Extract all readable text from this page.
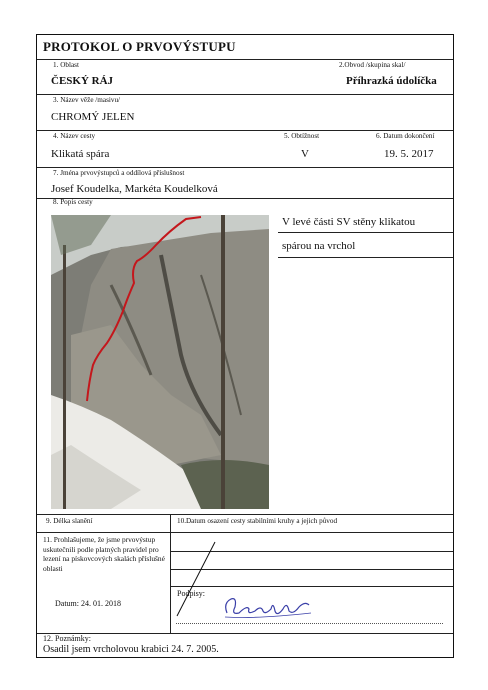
PROTOKOL O PRVOVÝSTUPU
1. Oblast	2.Obvod /skupina skal/
ČESKÝ RÁJ	Příhrazká údolíčka
3. Název věže /masivu/
CHROMÝ JELEN
4. Název cesty	5. Obtížnost	6. Datum dokončení
Klikatá spára	V	19. 5. 2017
7. Jména prvovýstupců a oddílová příslušnost
Josef Koudelka, Markéta Koudelková
8. Popis cesty
V levé části SV stěny klikatou
spárou na vrchol
9. Délka slanění	10.Datum osazení cesty stabilními kruhy a jejich původ
11. Prohlašujeme, že jsme prvovýstup uskutečnili podle platných pravidel pro lezení na pískovcových skalách příslušné oblasti
Datum: 24. 01. 2018
Podpisy:
12. Poznámky:
Osadil jsem vrcholovou krabici 24. 7. 2005.
